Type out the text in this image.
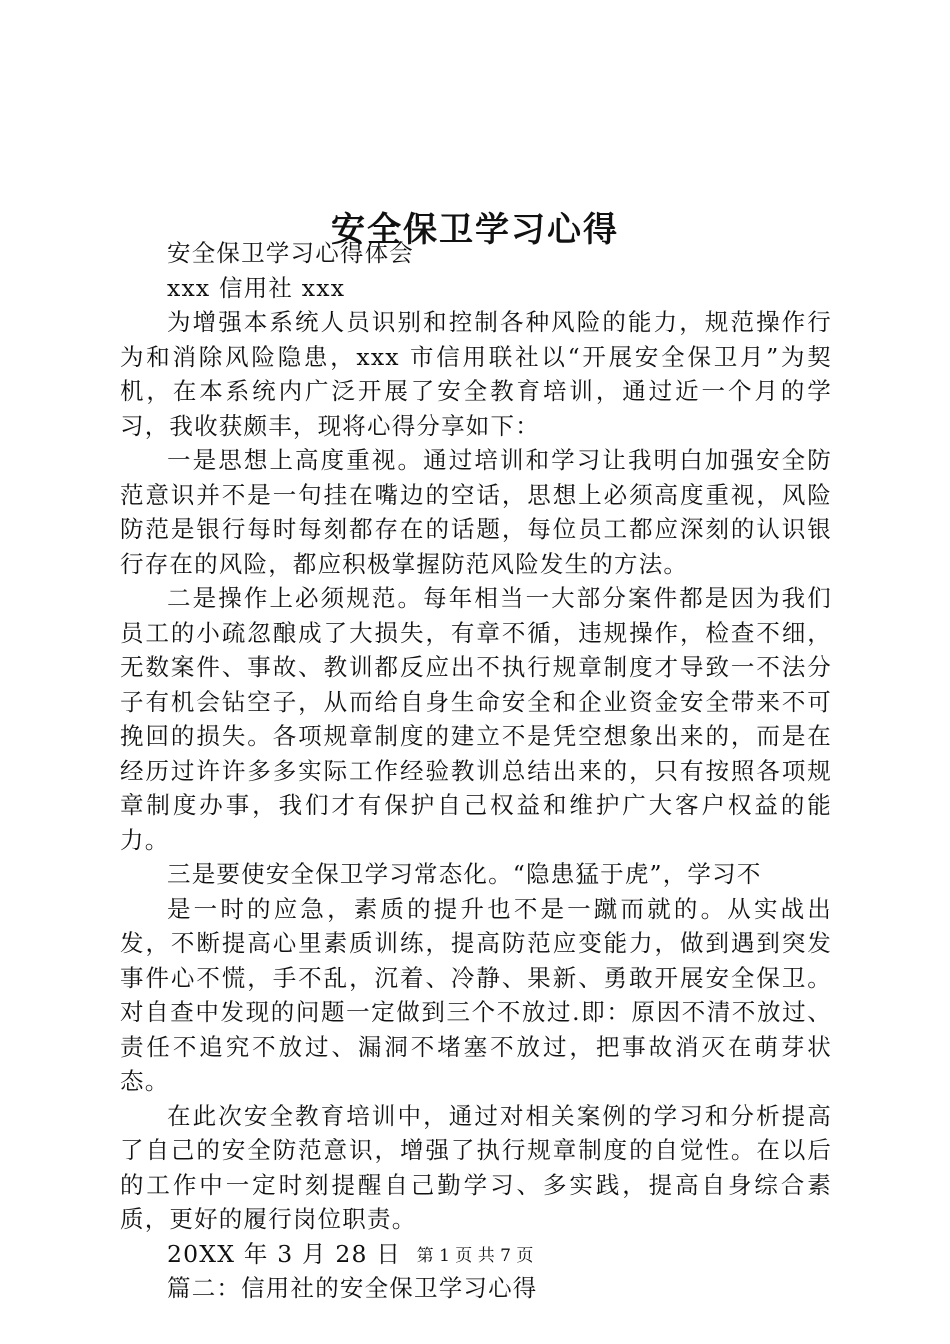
安全保卫学习心得

安全保卫学习心得体会

xxx 信用社 xxx

为增强本系统人员识别和控制各种风险的能力，规范操作行为和消除风险隐患，xxx 市信用联社以“开展安全保卫月”为契机，在本系统内广泛开展了安全教育培训，通过近一个月的学习，我收获颇丰，现将心得分享如下：

一是思想上高度重视。通过培训和学习让我明白加强安全防范意识并不是一句挂在嘴边的空话，思想上必须高度重视，风险防范是银行每时每刻都存在的话题，每位员工都应深刻的认识银行存在的风险，都应积极掌握防范风险发生的方法。

二是操作上必须规范。每年相当一大部分案件都是因为我们员工的小疏忽酿成了大损失，有章不循，违规操作，检查不细，无数案件、事故、教训都反应出不执行规章制度才导致一不法分子有机会钻空子，从而给自身生命安全和企业资金安全带来不可挽回的损失。各项规章制度的建立不是凭空想象出来的，而是在经历过许许多多实际工作经验教训总结出来的，只有按照各项规章制度办事，我们才有保护自己权益和维护广大客户权益的能力。

三是要使安全保卫学习常态化。“隐患猛于虎”，学习不

是一时的应急，素质的提升也不是一蹴而就的。从实战出发，不断提高心里素质训练，提高防范应变能力，做到遇到突发事件心不慌，手不乱，沉着、冷静、果新、勇敢开展安全保卫。对自查中发现的问题一定做到三个不放过.即：原因不清不放过、责任不追究不放过、漏洞不堵塞不放过，把事故消灭在萌芽状态。

在此次安全教育培训中，通过对相关案例的学习和分析提高了自己的安全防范意识，增强了执行规章制度的自觉性。在以后的工作中一定时刻提醒自己勤学习、多实践，提高自身综合素质，更好的履行岗位职责。

20XX 年 3 月 28 日

篇二：信用社的安全保卫学习心得

第 1 页 共 7 页
